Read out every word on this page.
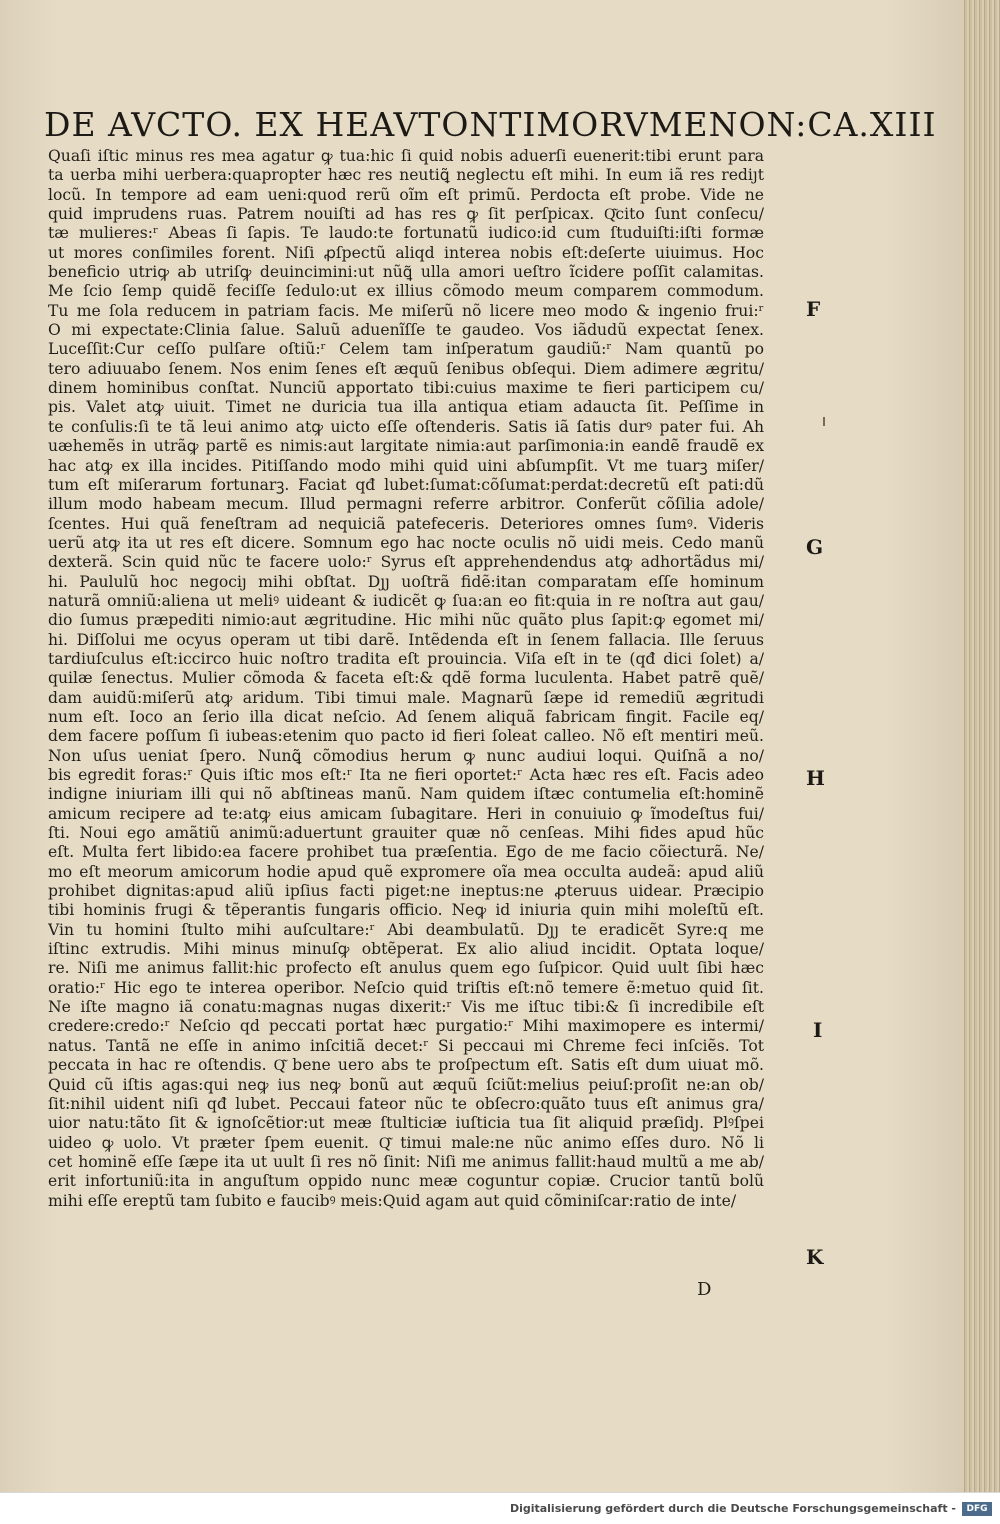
DE AVCTO. EX HEAVTONTIMORVMENON: CA.XIII
Quaſi iſtic minus res mea agatur ꝙ tua:hic ſi quid nobis aduerſi euenerit:tibi erunt para
ta uerba mihi uerbera:quapropter hæc res neutiꝗ̃ neglectu eſt mihi. In eum iã res rediȷt
locũ. In tempore ad eam ueni:quod rerũ oĩm eſt primũ. Perdocta eſt probe. Vide ne
quid imprudens ruas. Patrem nouiſti ad has res ꝙ ſit perſpicax. Q͂cito ſunt conſecu/
tæ mulieres:ʳ Abeas ſi ſapis. Te laudo:te fortunatũ iudico:id cum ſtuduiſti:iſti formæ
ut mores conſimiles forent. Niſi ꝓſpectũ aliqd interea nobis eſt:deſerte uiuimus. Hoc
beneficio utriꝙ ab utriſꝙ deuincimini:ut nũꝗ̃ ulla amori ueſtro ĩcidere poſſit calamitas.
Me ſcio ſemp quidẽ feciſſe ſedulo:ut ex illius cõmodo meum comparem commodum.
Tu me ſola reducem in patriam facis. Me miſerũ nõ licere meo modo & ingenio frui:ʳ
O mi expectate:Clinia ſalue. Saluũ aduenĩſſe te gaudeo. Vos iãdudũ expectat ſenex.
Luceſſit:Cur ceſſo pulſare oſtiũ:ʳ Celem tam inſperatum gaudiũ:ʳ Nam quantũ po
tero adiuuabo ſenem. Nos enim ſenes eſt æquũ ſenibus obſequi. Diem adimere ægritu/
dinem hominibus conſtat. Nunciũ apportato tibi:cuius maxime te fieri participem cu/
pis. Valet atꝙ uiuit. Timet ne duricia tua illa antiqua etiam adaucta ſit. Peſſime in
te conſulis:ſi te tã leui animo atꝙ uicto eſſe oſtenderis. Satis iã ſatis durꝰ pater fui. Ah
uæhemẽs in utrãꝙ partẽ es nimis:aut largitate nimia:aut parſimonia:in eandẽ fraudẽ ex
hac atꝙ ex illa incides. Pitiſſando modo mihi quid uini abſumpſit. Vt me tuarꝫ miſer/
tum eſt miſerarum fortunarꝫ. Faciat qđ lubet:ſumat:cõſumat:perdat:decretũ eſt pati:dũ
illum modo habeam mecum. Illud permagni referre arbitror. Conferũt cõſilia adole/
ſcentes. Hui quã feneſtram ad nequiciã patefeceris. Deteriores omnes ſumꝰ. Videris
uerũ atꝙ ita ut res eſt dicere. Somnum ego hac nocte oculis nõ uidi meis. Cedo manũ
dexterã. Scin quid nũc te facere uolo:ʳ Syrus eſt apprehendendus atꝙ adhortãdus mi/
hi. Paululũ hoc negociȷ mihi obſtat. Dȷȷ uoſtrã fidẽ:itan comparatam eſſe hominum
naturã omniũ:aliena ut meliꝰ uideant & iudicẽt ꝙ ſua:an eo fit:quia in re noſtra aut gau/
dio ſumus præpediti nimio:aut ægritudine. Hic mihi nũc quãto plus ſapit:ꝙ egomet mi/
hi. Diſſolui me ocyus operam ut tibi darẽ. Intẽdenda eſt in ſenem fallacia. Ille ſeruus
tardiuſculus eſt:iccirco huic noſtro tradita eſt prouincia. Viſa eſt in te (qđ dici ſolet) a/
quilæ ſenectus. Mulier cõmoda & faceta eſt:& qdẽ forma luculenta. Habet patrẽ quẽ/
dam auidũ:miſerũ atꝙ aridum. Tibi timui male. Magnarũ ſæpe id remediũ ægritudi
num eſt. Ioco an ſerio illa dicat neſcio. Ad ſenem aliquã fabricam fingit. Facile eq/
dem facere poſſum ſi iubeas:etenim quo pacto id fieri ſoleat calleo. Nõ eſt mentiri meũ.
Non uſus ueniat ſpero. Nunꝗ̃ cõmodius herum ꝙ nunc audiui loqui. Quiſnã a no/
bis egredit foras:ʳ Quis iſtic mos eſt:ʳ Ita ne fieri oportet:ʳ Acta hæc res eſt. Facis adeo
indigne iniuriam illi qui nõ abſtineas manũ. Nam quidem iſtæc contumelia eſt:hominẽ
amicum recipere ad te:atꝙ eius amicam ſubagitare. Heri in conuiuio ꝙ ĩmodeſtus fui/
ſti. Noui ego amãtiũ animũ:aduertunt grauiter quæ nõ cenſeas. Mihi fides apud hũc
eſt. Multa fert libido:ea facere prohibet tua præſentia. Ego de me facio cõiecturã. Ne/
mo eſt meorum amicorum hodie apud quẽ expromere oĩa mea occulta audeã: apud aliũ
prohibet dignitas:apud aliũ ipſius facti piget:ne ineptus:ne ꝓteruus uidear. Præcipio
tibi hominis frugi & tẽperantis fungaris officio. Neꝙ id iniuria quin mihi moleſtũ eſt.
Vin tu homini ſtulto mihi auſcultare:ʳ Abi deambulatũ. Dȷȷ te eradicẽt Syre:q me
iſtinc extrudis. Mihi minus minuſꝙ obtẽperat. Ex alio aliud incidit. Optata loque/
re. Niſi me animus fallit:hic profecto eſt anulus quem ego ſuſpicor. Quid uult ſibi hæc
oratio:ʳ Hic ego te interea operibor. Neſcio quid triſtis eſt:nõ temere ẽ:metuo quid ſit.
Ne iſte magno iã conatu:magnas nugas dixerit:ʳ Vis me iſtuc tibi:& ſi incredibile eſt
credere:credo:ʳ Neſcio qd peccati portat hæc purgatio:ʳ Mihi maximopere es intermi/
natus. Tantã ne eſſe in animo inſcitiã decet:ʳ Si peccaui mi Chreme feci inſciẽs. Tot
peccata in hac re oſtendis. Q͂ bene uero abs te proſpectum eſt. Satis eſt dum uiuat mõ.
Quid cũ iſtis agas:qui neꝙ ius neꝙ bonũ aut æquũ ſciũt:melius peiuſ:proſit ne:an ob/
ſit:nihil uident niſi qđ lubet. Peccaui fateor nũc te obſecro:quãto tuus eſt animus gra/
uior natu:tãto ſit & ignoſcẽtior:ut meæ ſtulticiæ iuſticia tua ſit aliquid præſidȷ. Plꝰſpei
uideo ꝙ uolo. Vt præter ſpem euenit. Q͂ timui male:ne nũc animo eſſes duro. Nõ li
cet hominẽ eſſe ſæpe ita ut uult ſi res nõ ſinit: Niſi me animus fallit:haud multũ a me ab/
erit infortuniũ:ita in anguſtum oppido nunc meæ coguntur copiæ. Crucior tantũ bolũ
mihi eſſe ereptũ tam ſubito e faucibꝰ meis:Quid agam aut quid cõminiſcar:ratio de inte/
F
G
H
I
K
D
Digitalisierung gefördert durch die Deutsche Forschungsgemeinschaft -	DFG
